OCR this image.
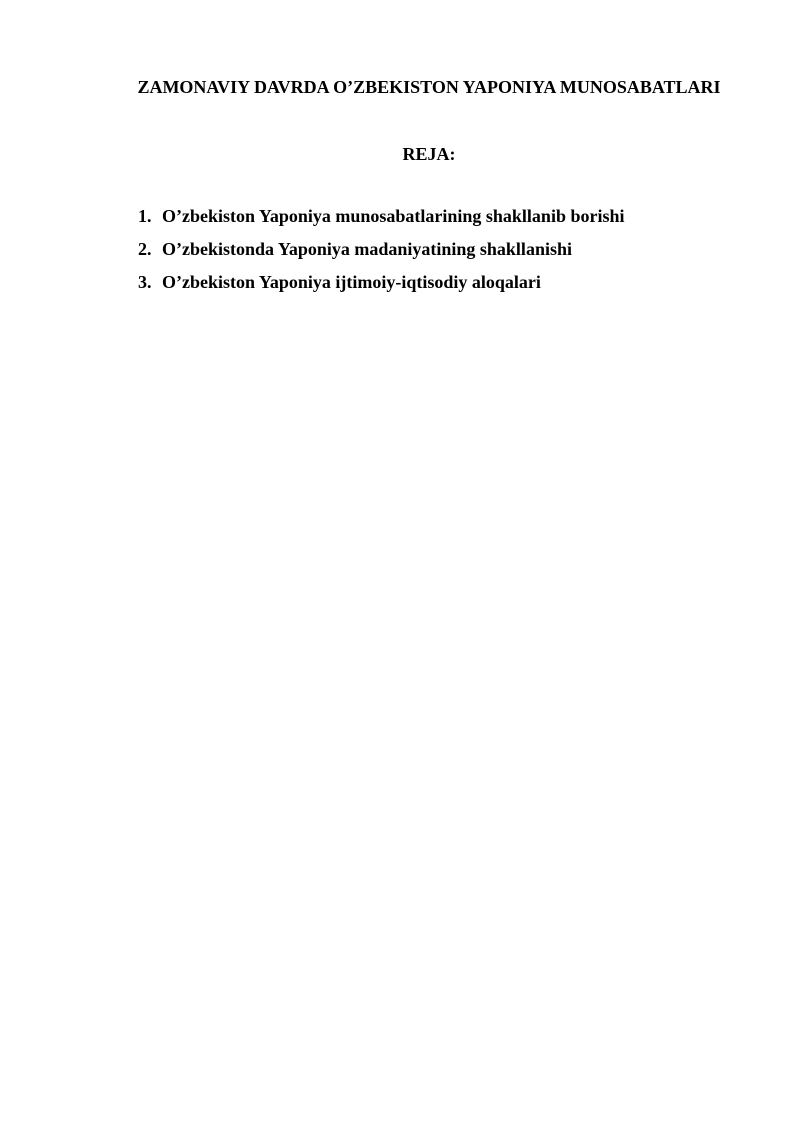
ZAMONAVIY DAVRDA O’ZBEKISTON YAPONIYA MUNOSABATLARI
REJA:
1. O’zbekiston Yaponiya munosabatlarining shakllanib borishi
2. O’zbekistonda Yaponiya madaniyatining shakllanishi
3. O’zbekiston Yaponiya ijtimoiy-iqtisodiy aloqalari
